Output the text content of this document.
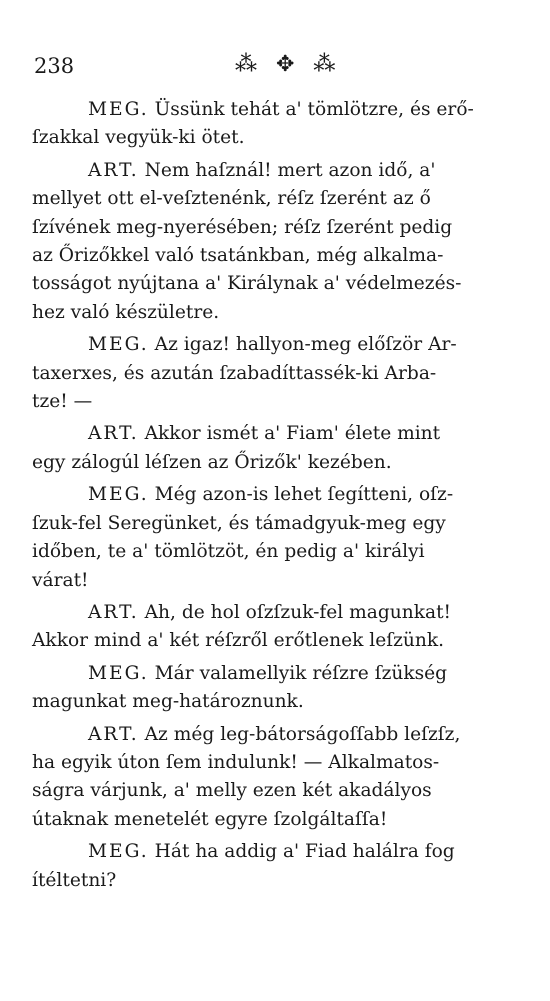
238	⁂ ✥ ⁂
MEG. Üssünk tehát a' tömlötzre, és erő-
ſzakkal vegyük-ki ötet.
ART. Nem haſznál! mert azon idő, a'
mellyet ott el-veſztenénk, réſz ſzerént az ő
ſzívének meg-nyerésében; réſz ſzerént pedig
az Őrizőkkel való tsatánkban, még alkalma-
tosságot nyújtana a' Királynak a' védelmezés-
hez való készületre.
MEG. Az igaz! hallyon-meg előſzör Ar-
taxerxes, és azután ſzabadíttassék-ki Arba-
tze! —
ART. Akkor ismét a' Fiam' élete mint
egy zálogúl léſzen az Őrizők' kezében.
MEG. Még azon-is lehet ſegítteni, oſz-
ſzuk-fel Seregünket, és támadgyuk-meg egy
időben, te a' tömlötzöt, én pedig a' királyi
várat!
ART. Ah, de hol oſzſzuk-fel magunkat!
Akkor mind a' két réſzről erőtlenek leſzünk.
MEG. Már valamellyik réſzre ſzükség
magunkat meg-határoznunk.
ART. Az még leg-bátorságoſſabb leſzſz,
ha egyik úton ſem indulunk! — Alkalmatos-
ságra várjunk, a' melly ezen két akadályos
útaknak menetelét egyre ſzolgáltaſſa!
MEG. Hát ha addig a' Fiad halálra fog
ítéltetni?
